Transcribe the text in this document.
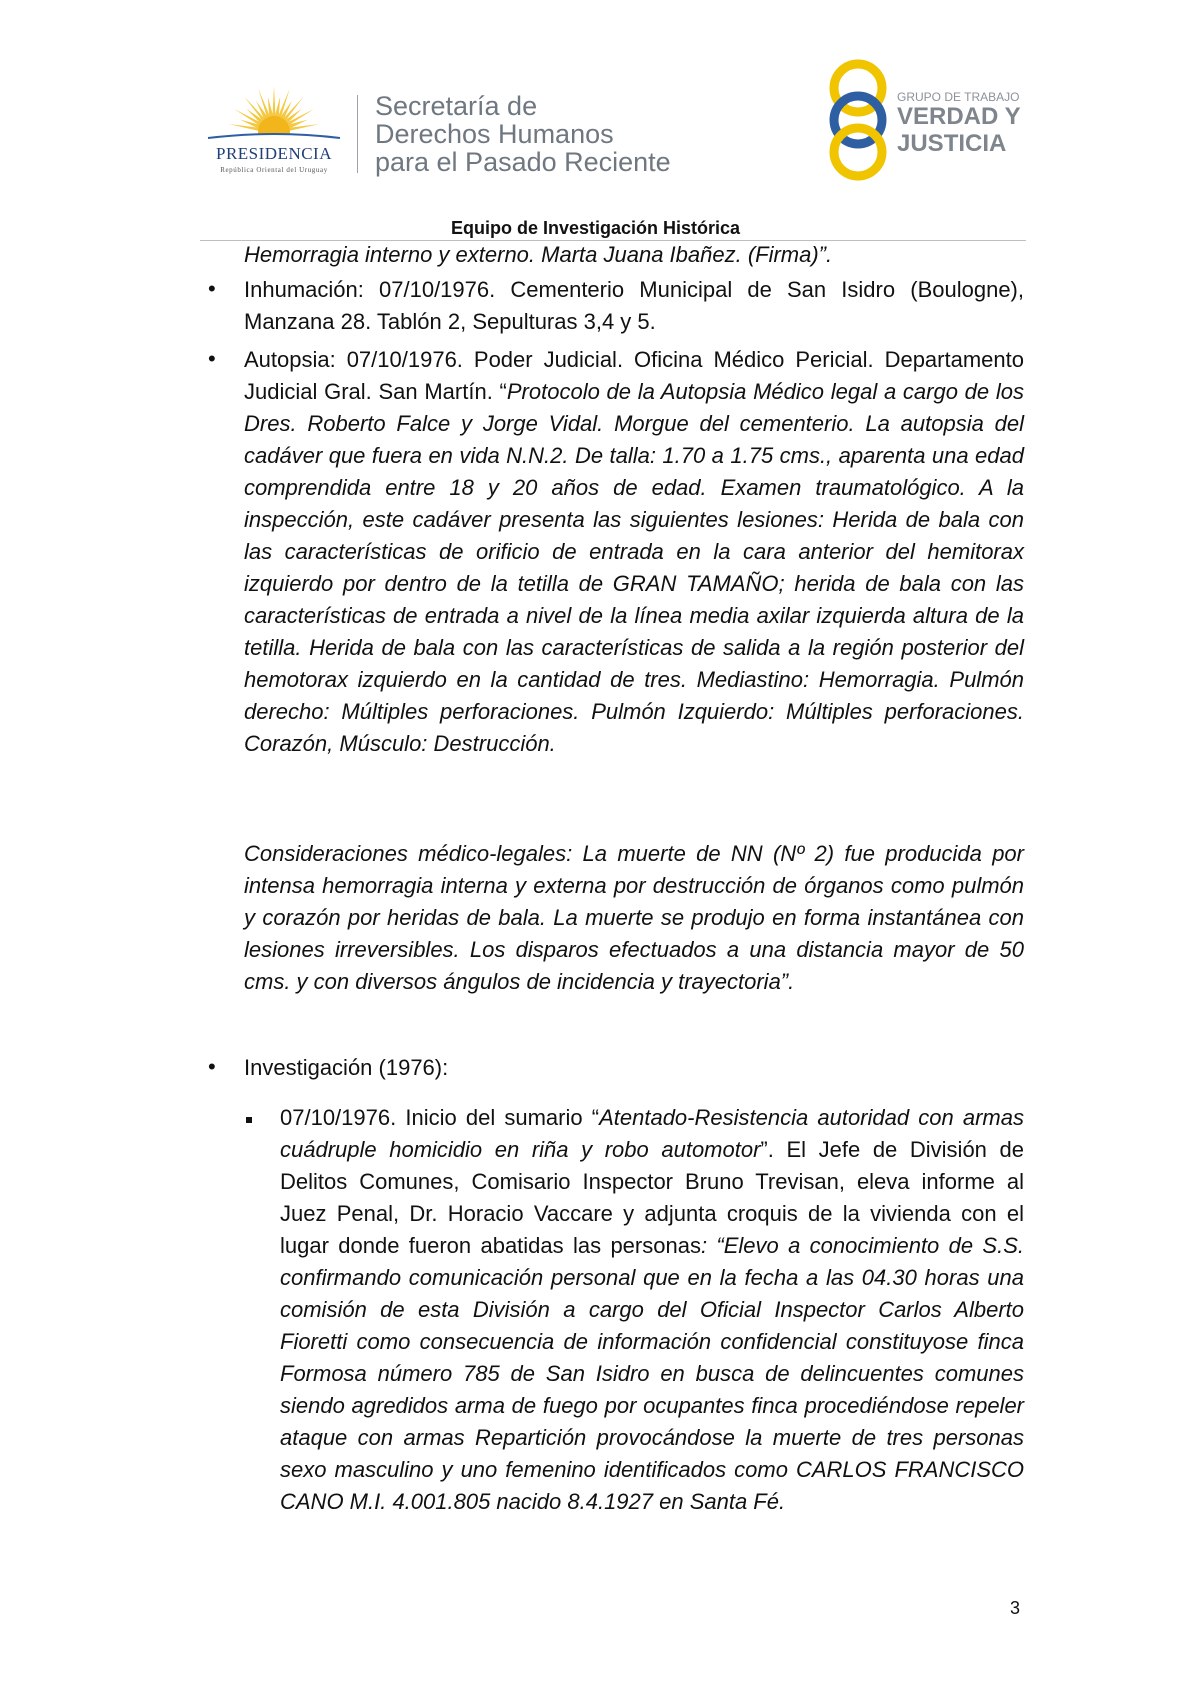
PRESIDENCIA
República Oriental del Uruguay
Secretaría de
Derechos Humanos
para el Pasado Reciente
GRUPO DE TRABAJO
VERDAD Y
JUSTICIA
Equipo de Investigación Histórica
Hemorragia interno y externo. Marta Juana Ibañez. (Firma)”.
• Inhumación: 07/10/1976. Cementerio Municipal de San Isidro (Boulogne), Manzana 28. Tablón 2, Sepulturas 3,4 y 5.
• Autopsia: 07/10/1976. Poder Judicial. Oficina Médico Pericial. Departamento Judicial Gral. San Martín. “Protocolo de la Autopsia Médico legal a cargo de los Dres. Roberto Falce y Jorge Vidal. Morgue del cementerio. La autopsia del cadáver que fuera en vida N.N.2. De talla: 1.70 a 1.75 cms., aparenta una edad comprendida entre 18 y 20 años de edad. Examen traumatológico. A la inspección, este cadáver presenta las siguientes lesiones: Herida de bala con las características de orificio de entrada en la cara anterior del hemitorax izquierdo por dentro de la tetilla de GRAN TAMAÑO; herida de bala con las características de entrada a nivel de la línea media axilar izquierda altura de la tetilla. Herida de bala con las características de salida a la región posterior del hemotorax izquierdo en la cantidad de tres. Mediastino: Hemorragia. Pulmón derecho: Múltiples perforaciones. Pulmón Izquierdo: Múltiples perforaciones. Corazón, Músculo: Destrucción.
Consideraciones médico-legales: La muerte de NN (Nº 2) fue producida por intensa hemorragia interna y externa por destrucción de órganos como pulmón y corazón por heridas de bala. La muerte se produjo en forma instantánea con lesiones irreversibles. Los disparos efectuados a una distancia mayor de 50 cms. y con diversos ángulos de incidencia y trayectoria”.
• Investigación (1976):
07/10/1976. Inicio del sumario “Atentado-Resistencia autoridad con armas cuádruple homicidio en riña y robo automotor”. El Jefe de División de Delitos Comunes, Comisario Inspector Bruno Trevisan, eleva informe al Juez Penal, Dr. Horacio Vaccare y adjunta croquis de la vivienda con el lugar donde fueron abatidas las personas: “Elevo a conocimiento de S.S. confirmando comunicación personal que en la fecha a las 04.30 horas una comisión de esta División a cargo del Oficial Inspector Carlos Alberto Fioretti como consecuencia de información confidencial constituyose finca Formosa número 785 de San Isidro en busca de delincuentes comunes siendo agredidos arma de fuego por ocupantes finca procediéndose repeler ataque con armas Repartición provocándose la muerte de tres personas sexo masculino y uno femenino identificados como CARLOS FRANCISCO CANO M.I. 4.001.805 nacido 8.4.1927 en Santa Fé.
3
